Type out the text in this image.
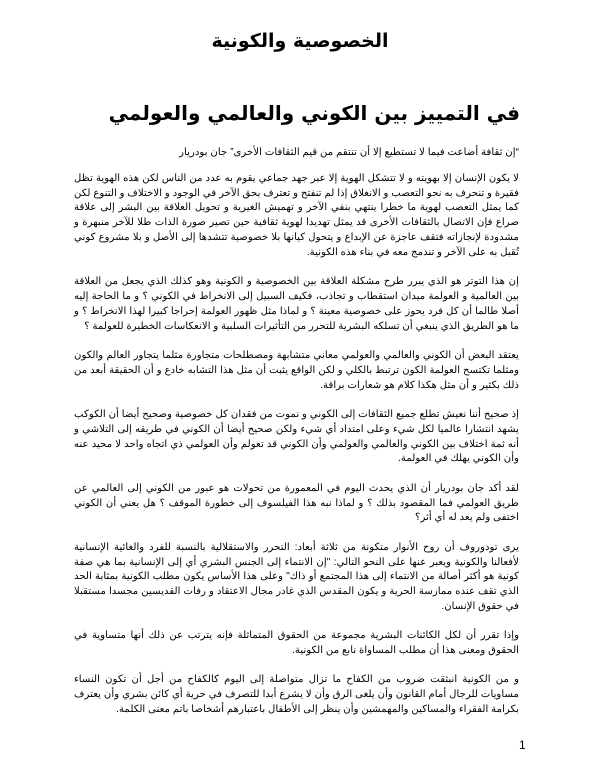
الخصوصية والكونية
في التمييز بين الكوني والعالمي والعولمي

“إن ثقافة أضاعت فيما لا تستطيع إلا أن تنتقم من قيم الثقافات الأخرى” جان بودريار

لا يكون الإنسان إلا بهويته و لا تتشكل الهوية إلا عبر جهد جماعي يقوم به عدد من الناس لكن هذه الهوية تظل فقيرة و تنحرف به نحو التعصب و الانغلاق إذا لم تنفتح و تعترف بحق الآخر في الوجود و الاختلاف و التنوع لكن كما يمثل التعصب لهوية ما خطرا ينتهي بنفي الآخر و تهميش الغيرية و تحويل العلاقة بين البشر إلى علاقة صراع فإن الاتصال بالثقافات الأخرى قد يمثل تهديدا لهوية ثقافية حين تصير صورة الذات طلا للآخر منبهرة و مشدودة لإنجازاته فتقف عاجزة عن الإبداع و يتحول كيانها بلا خصوصية تتشدها إلى الأصل و بلا مشروع كوني تُقبل به على الآخر و تندمج معه في بناء هذه الكونية.

إن هذا التوتر هو الذي يبرر طرح مشكلة العلاقة بين الخصوصية و الكونية وهو كذلك الذي يجعل من العلاقة بين العالمية و العولمة ميدان استقطاب و تجاذب، فكيف السبيل إلى الانخراط في الكوني ؟ و ما الحاجة إليه أصلا طالما أن كل فرد يحوز على خصوصية معينة ؟ و لماذا مثل ظهور العولمة إحراجا كبيرا لهذا الانخراط ؟ و ما هو الطريق الذي ينبغي أن تسلكه البشرية للتحرر من التأثيرات السلبية و الانعكاسات الخطيرة للعولمة ؟

يعتقد البعض أن الكوني والعالمي والعولمي معاني متشابهة ومصطلحات متجاورة مثلما يتجاور العالم والكون ومثلما تكتسح العولمة الكون ترتبط بالكلي و لكن الواقع يثبت أن مثل هذا التشابه خادع و أن الحقيقة أبعد من ذلك بكثير و أن مثل هكذا كلام هو شعارات براقة.

إذ صحيح أننا نعيش تطلع جميع الثقافات إلى الكوني و نموت من فقدان كل خصوصية وصحيح أيضا أن الكوكب يشهد انتشارا عالميا لكل شيء وعلى امتداد أي شيء ولكن صحيح أيضا أن الكوني في طريقه إلى التلاشي و أنه ثمة اختلاف بين الكوني والعالمي والعولمي وأن الكوني قد تعولم وأن العولمي ذي اتجاه واحد لا محيد عنه وأن الكوني يهلك في العولمة.

لقد أكد جان بودريار أن الذي يحدث اليوم في المعمورة من تحولات هو عبور من الكوني إلى العالمي عن طريق العولمي فما المقصود بذلك ؟ و لماذا نبه هذا الفيلسوف إلى خطورة الموقف ؟ هل يعني أن الكوني اختفى ولم يعد له أي أثر؟

يرى تودوروف أن روح الأنوار متكونة من ثلاثة أبعاد: التحرر والاستقلالية بالنسبة للفرد والغائية الإنسانية لأفعالنا والكونية ويعبر عنها على النحو التالي: "إن الانتماء إلى الجنس البشري أي إلى الإنسانية بما هي صفة كونية هو أكثر أصالة من الانتماء إلى هذا المجتمع أو ذاك" وعلى هذا الأساس يكون مطلب الكونية بمثابة الحد الذي تقف عنده ممارسة الحرية و يكون المقدس الذي غادر مجال الاعتقاد و رفات القديسين مجسدا مستقبلا في حقوق الإنسان.

وإذا تقرر أن لكل الكائنات البشرية مجموعة من الحقوق المتماثلة فإنه يترتب عن ذلك أنها متساوية في الحقوق ومعنى هذا أن مطلب المساواة نابع من الكونية.

و من الكونية انبثقت ضروب من الكفاح ما تزال متواصلة إلى اليوم كالكفاح من أجل أن تكون النساء مساويات للرجال أمام القانون وأن يلغى الرق وأن لا يشرع أبدا للتصرف في حرية أي كائن بشري وأن يعترف بكرامة الفقراء والمساكين والمهمشين وأن ينظر إلى الأطفال باعتبارهم أشخاصا باتم معنى الكلمة.

1
